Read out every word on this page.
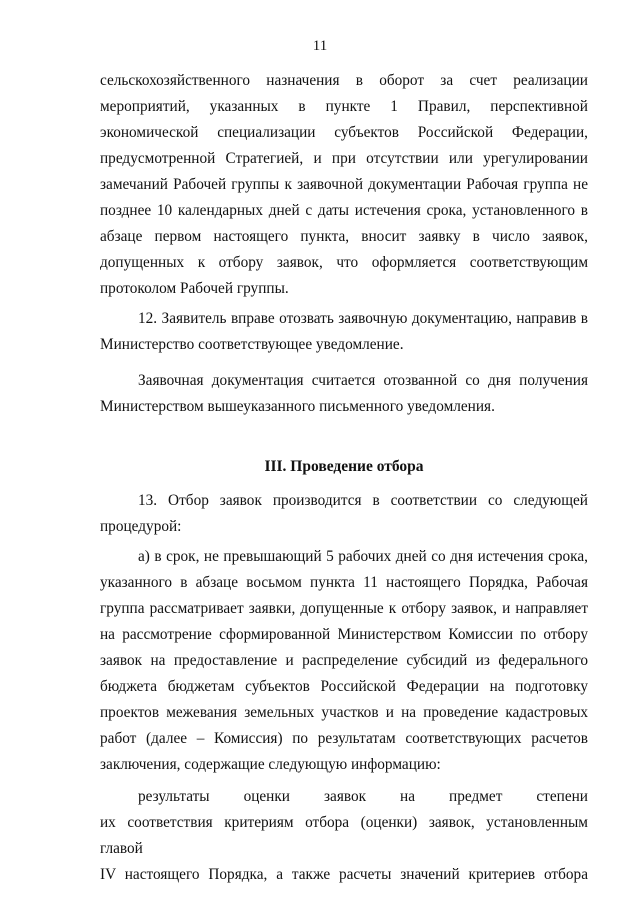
11

сельскохозяйственного назначения в оборот за счет реализации мероприятий, указанных в пункте 1 Правил, перспективной экономической специализации субъектов Российской Федерации, предусмотренной Стратегией, и при отсутствии или урегулировании замечаний Рабочей группы к заявочной документации Рабочая группа не позднее 10 календарных дней с даты истечения срока, установленного в абзаце первом настоящего пункта, вносит заявку в число заявок, допущенных к отбору заявок, что оформляется соответствующим протоколом Рабочей группы.

12. Заявитель вправе отозвать заявочную документацию, направив в Министерство соответствующее уведомление.

Заявочная документация считается отозванной со дня получения Министерством вышеуказанного письменного уведомления.

III. Проведение отбора

13. Отбор заявок производится в соответствии со следующей процедурой:

а) в срок, не превышающий 5 рабочих дней со дня истечения срока, указанного в абзаце восьмом пункта 11 настоящего Порядка, Рабочая группа рассматривает заявки, допущенные к отбору заявок, и направляет на рассмотрение сформированной Министерством Комиссии по отбору заявок на предоставление и распределение субсидий из федерального бюджета бюджетам субъектов Российской Федерации на подготовку проектов межевания земельных участков и на проведение кадастровых работ (далее – Комиссия) по результатам соответствующих расчетов заключения, содержащие следующую информацию:

результаты оценки заявок на предмет степени
их соответствия критериям отбора (оценки) заявок, установленным главой
IV настоящего Порядка, а также расчеты значений критериев отбора
